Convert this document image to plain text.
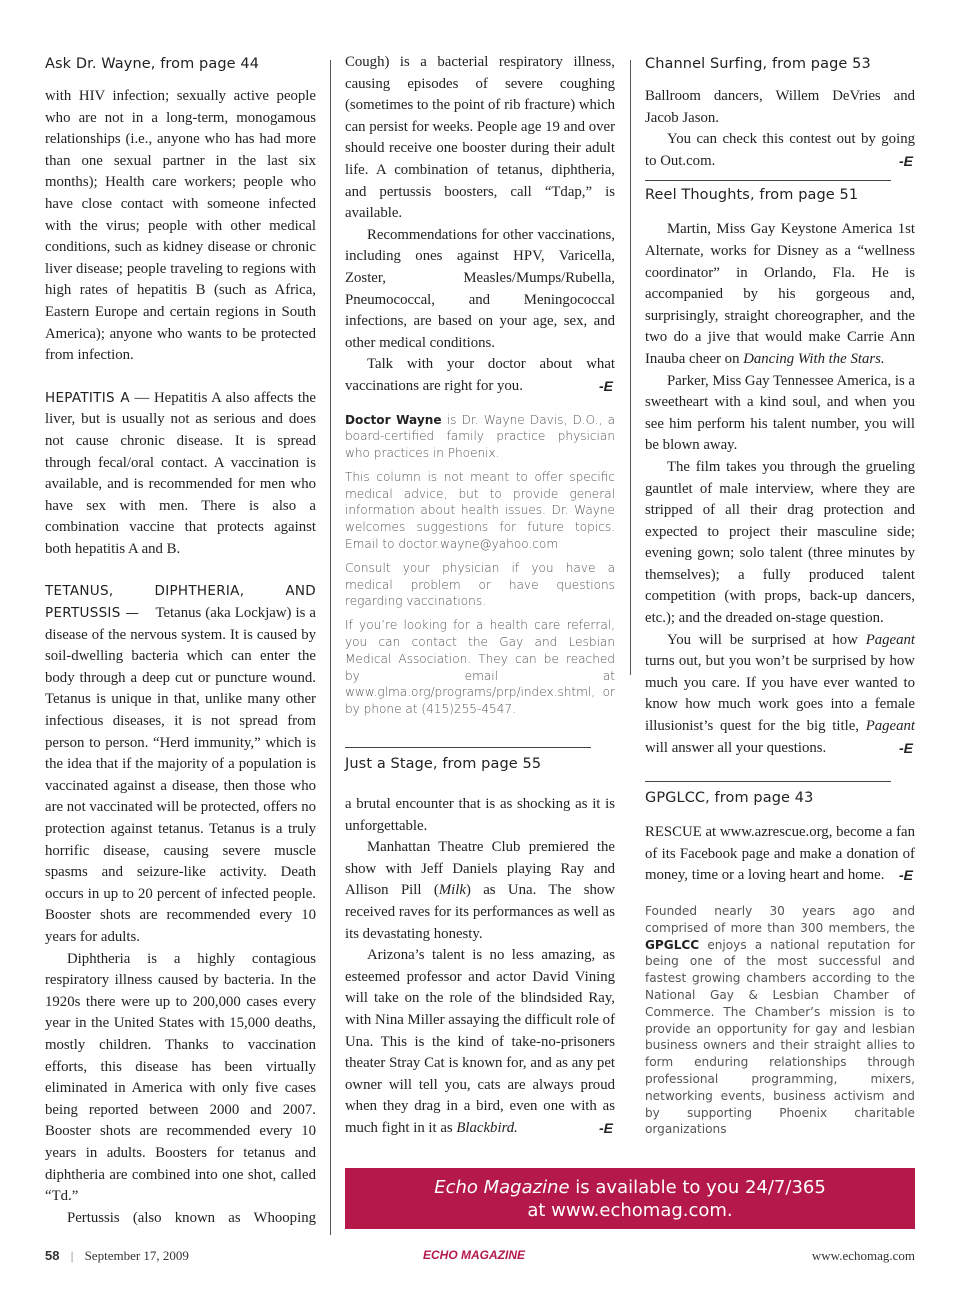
Ask Dr. Wayne, from page 44

with HIV infection; sexually active people who are not in a long-term, monogamous relationships (i.e., anyone who has had more than one sexual partner in the last six months); Health care workers; people who have close contact with someone infected with the virus; people with other medical conditions, such as kidney disease or chronic liver disease; people traveling to regions with high rates of hepatitis B (such as Africa, Eastern Europe and certain regions in South America); anyone who wants to be protected from infection.

HEPATITIS A — Hepatitis A also affects the liver, but is usually not as serious and does not cause chronic disease. It is spread through fecal/oral contact. A vaccination is available, and is recommended for men who have sex with men. There is also a combination vaccine that protects against both hepatitis A and B.

TETANUS, DIPHTHERIA, AND PERTUSSIS — Tetanus (aka Lockjaw) is a disease of the nervous system. It is caused by soil-dwelling bacteria which can enter the body through a deep cut or puncture wound. Tetanus is unique in that, unlike many other infectious diseases, it is not spread from person to person. “Herd immunity,” which is the idea that if the majority of a population is vaccinated against a disease, then those who are not vaccinated will be protected, offers no protection against tetanus. Tetanus is a truly horrific disease, causing severe muscle spasms and seizure-like activity. Death occurs in up to 20 percent of infected people. Booster shots are recommended every 10 years for adults.

Diphtheria is a highly contagious respiratory illness caused by bacteria. In the 1920s there were up to 200,000 cases every year in the United States with 15,000 deaths, mostly children. Thanks to vaccination efforts, this disease has been virtually eliminated in America with only five cases being reported between 2000 and 2007. Booster shots are recommended every 10 years in adults. Boosters for tetanus and diphtheria are combined into one shot, called “Td.”

Pertussis (also known as Whooping

Cough) is a bacterial respiratory illness, causing episodes of severe coughing (sometimes to the point of rib fracture) which can persist for weeks. People age 19 and over should receive one booster during their adult life. A combination of tetanus, diphtheria, and pertussis boosters, call “Tdap,” is available.

Recommendations for other vaccinations, including ones against HPV, Varicella, Zoster, Measles/Mumps/Rubella, Pneumococcal, and Meningococcal infections, are based on your age, sex, and other medical conditions.

Talk with your doctor about what vaccinations are right for you.	-E

Doctor Wayne is Dr. Wayne Davis, D.O., a board-certified family practice physician who practices in Phoenix.

This column is not meant to offer specific medical advice, but to provide general information about health issues. Dr. Wayne welcomes suggestions for future topics. Email to doctor.wayne@yahoo.com

Consult your physician if you have a medical problem or have questions regarding vaccinations.

If you’re looking for a health care referral, you can contact the Gay and Lesbian Medical Association. They can be reached by email at www.glma.org/programs/prp/index.shtml, or by phone at (415)255-4547.

Just a Stage, from page 55

a brutal encounter that is as shocking as it is unforgettable.

Manhattan Theatre Club premiered the show with Jeff Daniels playing Ray and Allison Pill (Milk) as Una. The show received raves for its performances as well as its devastating honesty.

Arizona’s talent is no less amazing, as esteemed professor and actor David Vining will take on the role of the blindsided Ray, with Nina Miller assaying the difficult role of Una. This is the kind of take-no-prisoners theater Stray Cat is known for, and as any pet owner will tell you, cats are always proud when they drag in a bird, even one with as much fight in it as Blackbird.	-E

Channel Surfing, from page 53

Ballroom dancers, Willem DeVries and Jacob Jason.

You can check this contest out by going to Out.com.	-E

Reel Thoughts, from page 51

Martin, Miss Gay Keystone America 1st Alternate, works for Disney as a “wellness coordinator” in Orlando, Fla. He is accompanied by his gorgeous and, surprisingly, straight choreographer, and the two do a jive that would make Carrie Ann Inauba cheer on Dancing With the Stars.

Parker, Miss Gay Tennessee America, is a sweetheart with a kind soul, and when you see him perform his talent number, you will be blown away.

The film takes you through the grueling gauntlet of male interview, where they are stripped of all their drag protection and expected to project their masculine side; evening gown; solo talent (three minutes by themselves); a fully produced talent competition (with props, back-up dancers, etc.); and the dreaded on-stage question.

You will be surprised at how Pageant turns out, but you won’t be surprised by how much you care. If you have ever wanted to know how much work goes into a female illusionist’s quest for the big title, Pageant will answer all your questions.	-E

GPGLCC, from page 43

RESCUE at www.azrescue.org, become a fan of its Facebook page and make a donation of money, time or a loving heart and home. -E

Founded nearly 30 years ago and comprised of more than 300 members, the GPGLCC enjoys a national reputation for being one of the most successful and fastest growing chambers according to the National Gay & Lesbian Chamber of Commerce. The Chamber’s mission is to provide an opportunity for gay and lesbian business owners and their straight allies to form enduring relationships through professional programming, mixers, networking events, business activism and by supporting Phoenix charitable organizations

Echo Magazine is available to you 24/7/365
at www.echomag.com.
58 | September 17, 2009	ECHO MAGAZINE	www.echomag.com
